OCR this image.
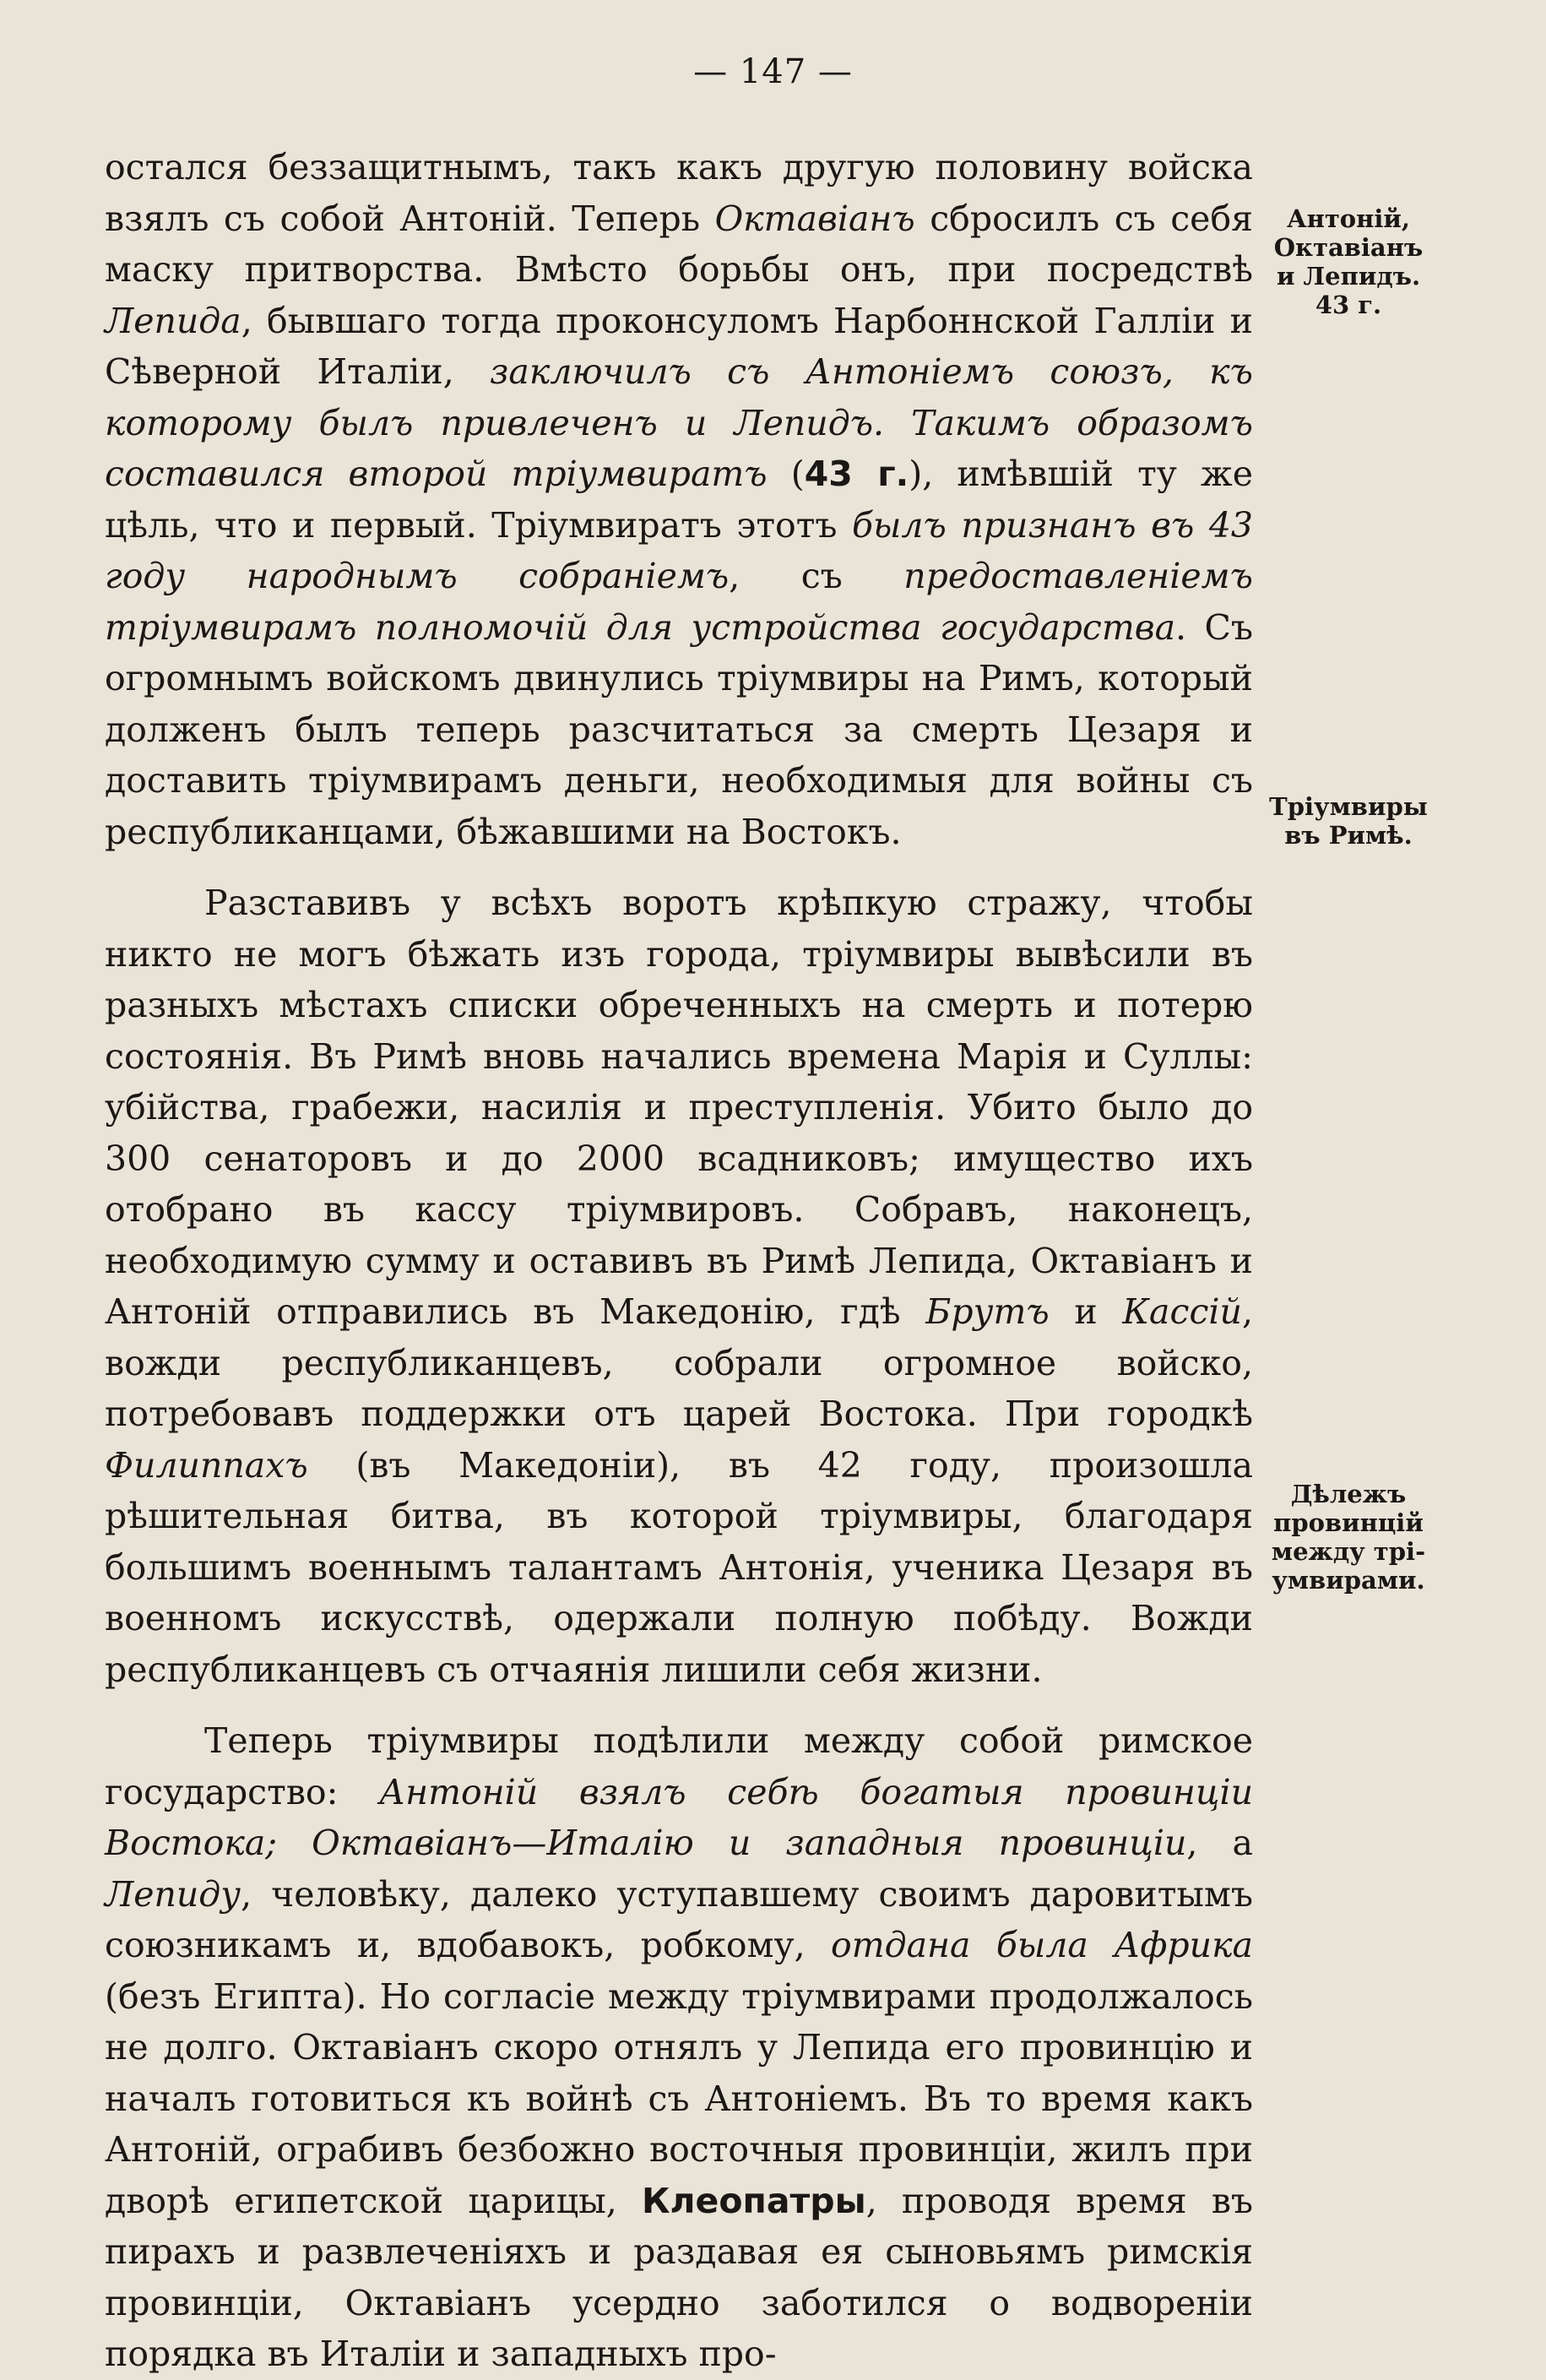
— 147 —

остался беззащитнымъ, такъ какъ другую половину войска взялъ съ собой Антоній. Теперь Октавіанъ сбросилъ съ себя маску притворства. Вмѣсто борьбы онъ, при посредствѣ Лепида, бывшаго тогда проконсуломъ Нарбоннской Галліи и Сѣверной Италіи, заключилъ съ Антоніемъ союзъ, къ которому былъ привлеченъ и Лепидъ. Такимъ образомъ составился второй тріумвиратъ (43 г.), имѣвшій ту же цѣль, что и первый. Тріумвиратъ этотъ былъ признанъ въ 43 году народнымъ собраніемъ, съ предоставленіемъ тріумвирамъ полномочій для устройства государства. Съ огромнымъ войскомъ двинулись тріумвиры на Римъ, который долженъ былъ теперь разсчитаться за смерть Цезаря и доставить тріумвирамъ деньги, необходимыя для войны съ республиканцами, бѣжавшими на Востокъ.

Разставивъ у всѣхъ воротъ крѣпкую стражу, чтобы никто не могъ бѣжать изъ города, тріумвиры вывѣсили въ разныхъ мѣстахъ списки обреченныхъ на смерть и потерю состоянія. Въ Римѣ вновь начались времена Марія и Суллы: убійства, грабежи, насилія и преступленія. Убито было до 300 сенаторовъ и до 2000 всадниковъ; имущество ихъ отобрано въ кассу тріумвировъ. Собравъ, наконецъ, необходимую сумму и оставивъ въ Римѣ Лепида, Октавіанъ и Антоній отправились въ Македонію, гдѣ Брутъ и Кассій, вожди республиканцевъ, собрали огромное войско, потребовавъ поддержки отъ царей Востока. При городкѣ Филиппахъ (въ Македоніи), въ 42 году, произошла рѣшительная битва, въ которой тріумвиры, благодаря большимъ военнымъ талантамъ Антонія, ученика Цезаря въ военномъ искусствѣ, одержали полную побѣду. Вожди республиканцевъ съ отчаянія лишили себя жизни.

Теперь тріумвиры подѣлили между собой римское государство: Антоній взялъ себѣ богатыя провинціи Востока; Октавіанъ—Италію и западныя провинціи, а Лепиду, человѣку, далеко уступавшему своимъ даровитымъ союзникамъ и, вдобавокъ, робкому, отдана была Африка (безъ Египта). Но согласіе между тріумвирами продолжалось не долго. Октавіанъ скоро отнялъ у Лепида его провинцію и началъ готовиться къ войнѣ съ Антоніемъ. Въ то время какъ Антоній, ограбивъ безбожно восточныя провинціи, жилъ при дворѣ египетской царицы, Клеопатры, проводя время въ пирахъ и развлеченіяхъ и раздавая ея сыновьямъ римскія провинціи, Октавіанъ усердно заботился о водвореніи порядка въ Италіи и западныхъ про-

Антоній,
Октавіанъ
и Лепидъ.
43 г.
Тріумвиры
въ Римѣ.
Дѣлежъ
провинцій
между трі-
умвирами.
